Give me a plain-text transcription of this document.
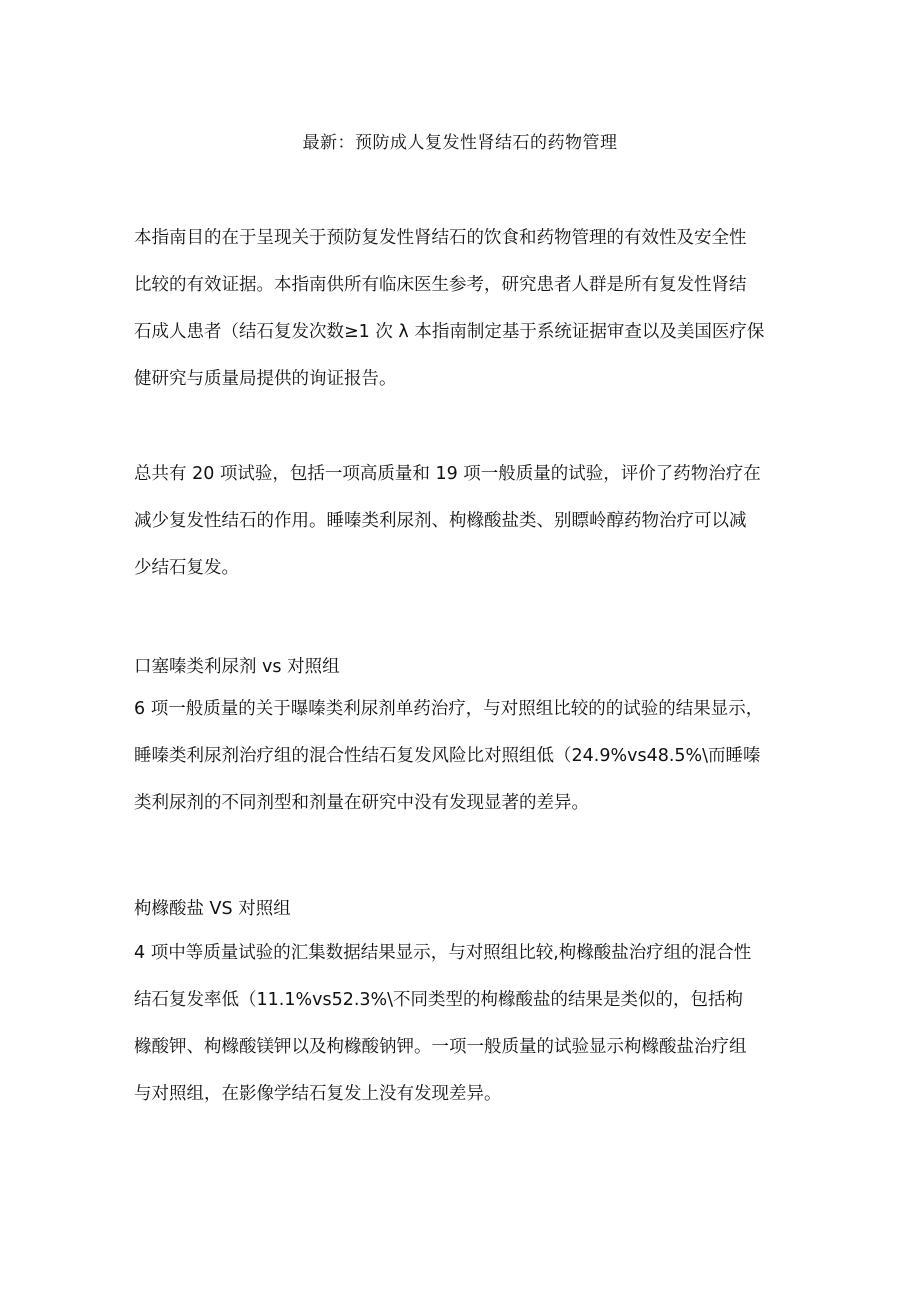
最新：预防成人复发性肾结石的药物管理
本指南目的在于呈现关于预防复发性肾结石的饮食和药物管理的有效性及安全性
比较的有效证据。本指南供所有临床医生参考，研究患者人群是所有复发性肾结
石成人患者（结石复发次数≥1 次 λ 本指南制定基于系统证据审查以及美国医疗保
健研究与质量局提供的询证报告。
总共有 20 项试验，包括一项高质量和 19 项一般质量的试验，评价了药物治疗在
减少复发性结石的作用。睡嗪类利尿剂、枸橼酸盐类、别瞟岭醇药物治疗可以减
少结石复发。
口塞嗪类利尿剂 vs 对照组
6 项一般质量的关于曝嗪类利尿剂单药治疗，与对照组比较的的试验的结果显示，
睡嗪类利尿剂治疗组的混合性结石复发风险比对照组低（24.9%vs48.5%\而睡嗪
类利尿剂的不同剂型和剂量在研究中没有发现显著的差异。
枸橼酸盐 VS 对照组
4 项中等质量试验的汇集数据结果显示，与对照组比较,枸橼酸盐治疗组的混合性
结石复发率低（11.1%vs52.3%\不同类型的枸橼酸盐的结果是类似的，包括枸
橼酸钾、枸橼酸镁钾以及枸橼酸钠钾。一项一般质量的试验显示枸橼酸盐治疗组
与对照组，在影像学结石复发上没有发现差异。
